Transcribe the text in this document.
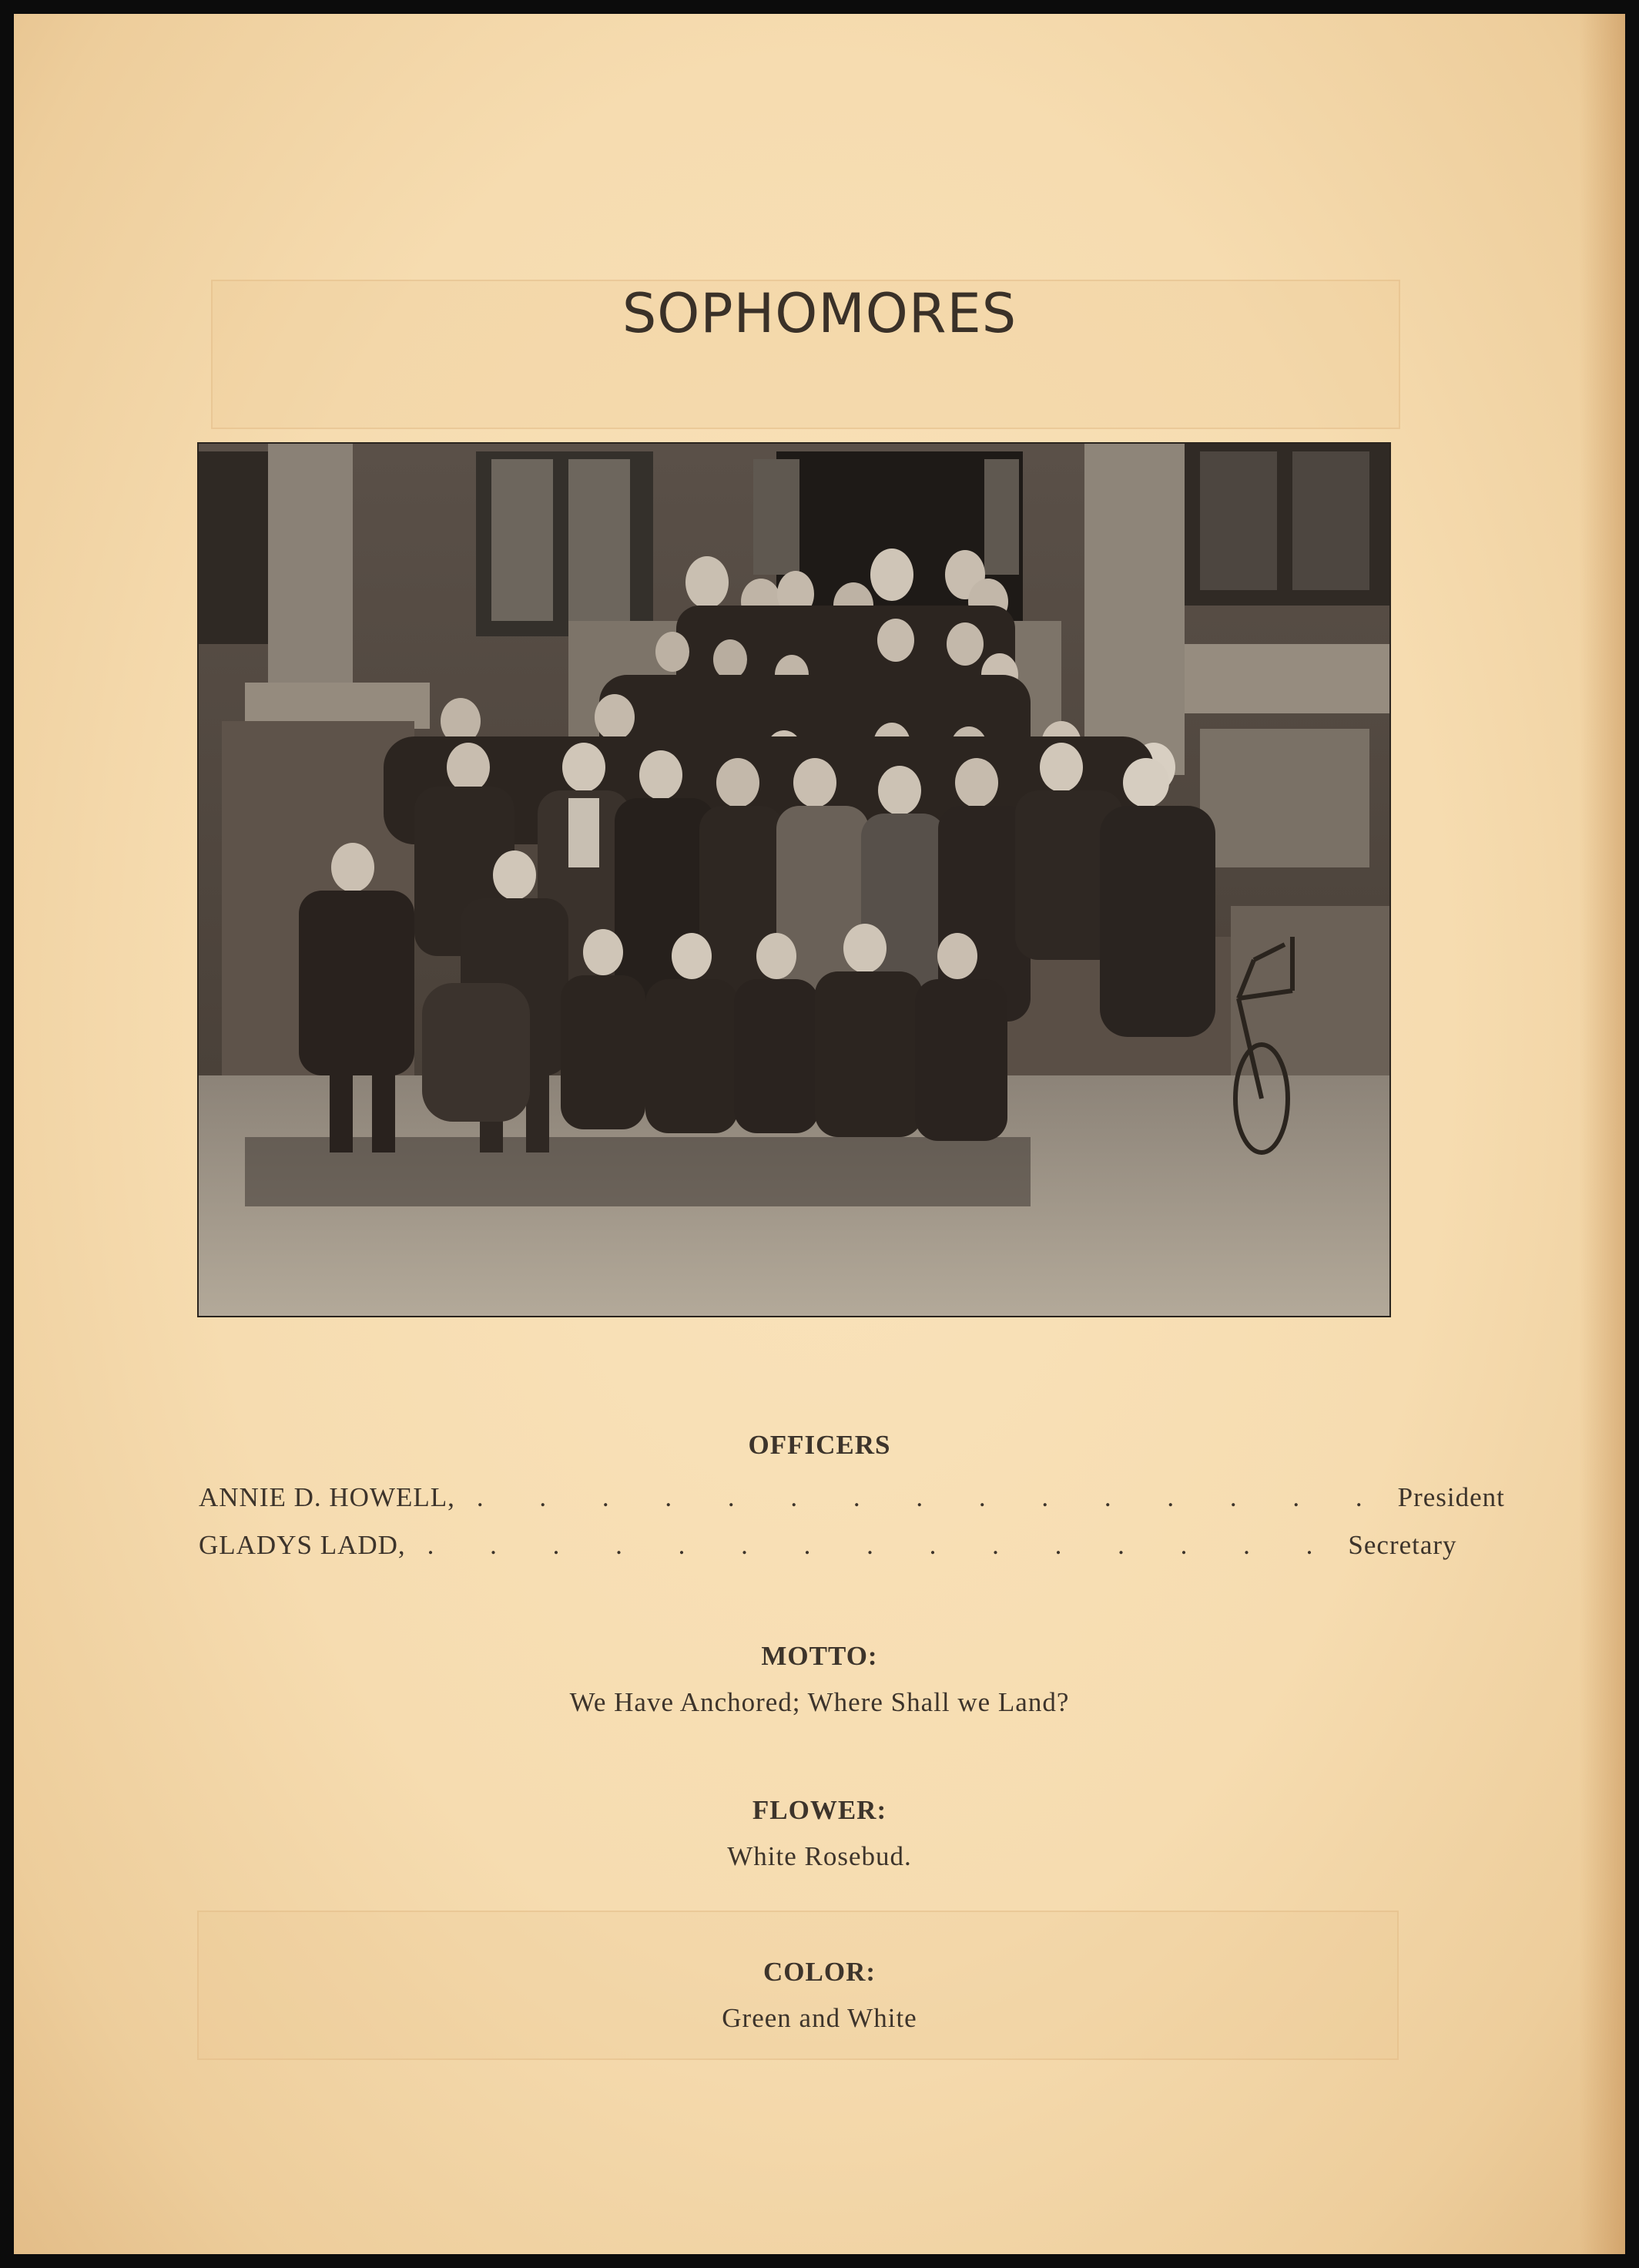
SOPHOMORES
OFFICERS
ANNIE D. HOWELL, . . . . . . . . . . . . . . . President
GLADYS LADD, . . . . . . . . . . . . . . . Secretary
MOTTO:
We Have Anchored; Where Shall we Land?
FLOWER:
White Rosebud.
COLOR:
Green and White
